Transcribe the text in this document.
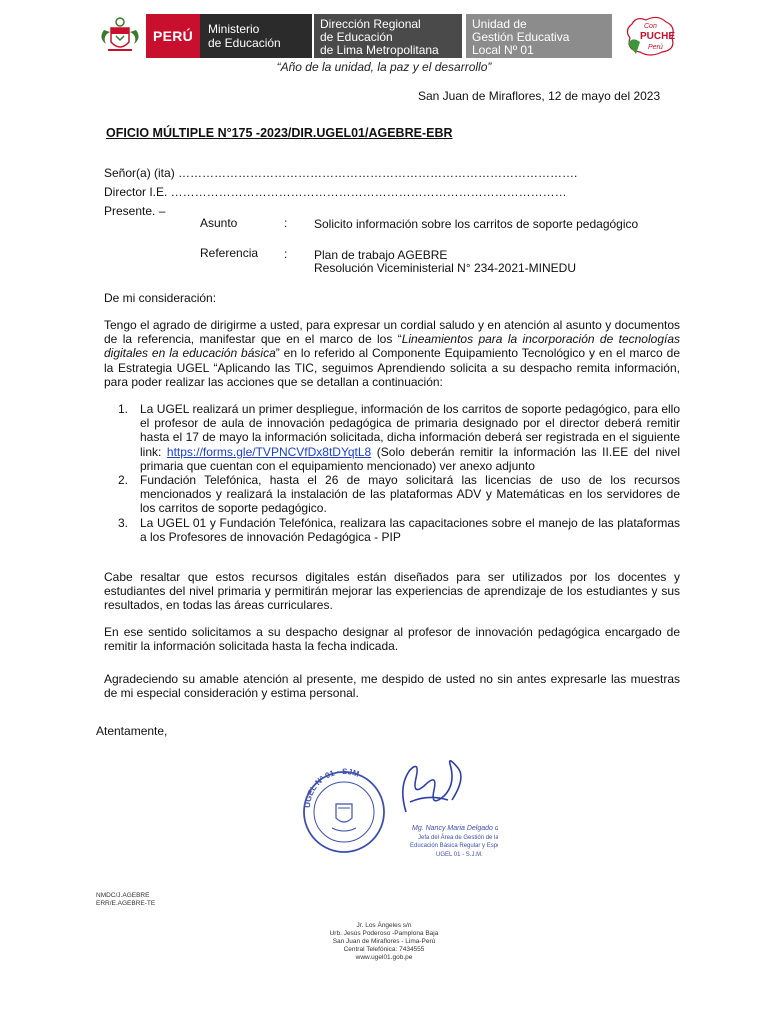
PERÚ Ministerio
de Educación
Dirección Regional
de Educación
de Lima Metropolitana
Unidad de
Gestión Educativa
Local Nº 01
Con
PUCHE
Perú
“Año de la unidad, la paz y el desarrollo”
San Juan de Miraflores, 12 de mayo del 2023
OFICIO MÚLTIPLE N°175 -2023/DIR.UGEL01/AGEBRE-EBR
Señor(a) (ita) ……………………………………………………………………………………….
Director I.E. ………………………………………………………………………………………
Presente. –
Asunto	: Solicito información sobre los carritos de soporte pedagógico
Referencia : Plan de trabajo AGEBRE
Resolución Viceministerial N° 234-2021-MINEDU
De mi consideración:
Tengo el agrado de dirigirme a usted, para expresar un cordial saludo y en atención al asunto y documentos de la referencia, manifestar que en el marco de los “Lineamientos para la incorporación de tecnologías digitales en la educación básica” en lo referido al Componente Equipamiento Tecnológico y en el marco de la Estrategia UGEL “Aplicando las TIC, seguimos Aprendiendo solicita a su despacho remita información, para poder realizar las acciones que se detallan a continuación:
1. La UGEL realizará un primer despliegue, información de los carritos de soporte pedagógico, para ello el profesor de aula de innovación pedagógica de primaria designado por el director deberá remitir hasta el 17 de mayo la información solicitada, dicha información deberá ser registrada en el siguiente link: https://forms.gle/TVPNCVfDx8tDYqtL8 (Solo deberán remitir la información las II.EE del nivel primaria que cuentan con el equipamiento mencionado) ver anexo adjunto
2. Fundación Telefónica, hasta el 26 de mayo solicitará las licencias de uso de los recursos mencionados y realizará la instalación de las plataformas ADV y Matemáticas en los servidores de los carritos de soporte pedagógico.
3. La UGEL 01 y Fundación Telefónica, realizara las capacitaciones sobre el manejo de las plataformas a los Profesores de innovación Pedagógica - PIP
Cabe resaltar que estos recursos digitales están diseñados para ser utilizados por los docentes y estudiantes del nivel primaria y permitirán mejorar las experiencias de aprendizaje de los estudiantes y sus resultados, en todas las áreas curriculares.
En ese sentido solicitamos a su despacho designar al profesor de innovación pedagógica encargado de remitir la información solicitada hasta la fecha indicada.
Agradeciendo su amable atención al presente, me despido de usted no sin antes expresarle las muestras de mi especial consideración y estima personal.
Atentamente,
UGEL Nº 01 · SJM
Mg. Nancy Maria Delgado
Jefa del Área de Gestión de la
Educación Básica Regular y Esp
UGEL 01 - S.J.M.
NMDC/J.AGEBRE
ERR/E.AGEBRE-TE
Jr. Los Ángeles s/n
Urb. Jesús Poderoso -Pamplona Baja
San Juan de Miraflores - Lima-Perú
Central Telefónica: 7434555
www.ugel01.gob.pe
